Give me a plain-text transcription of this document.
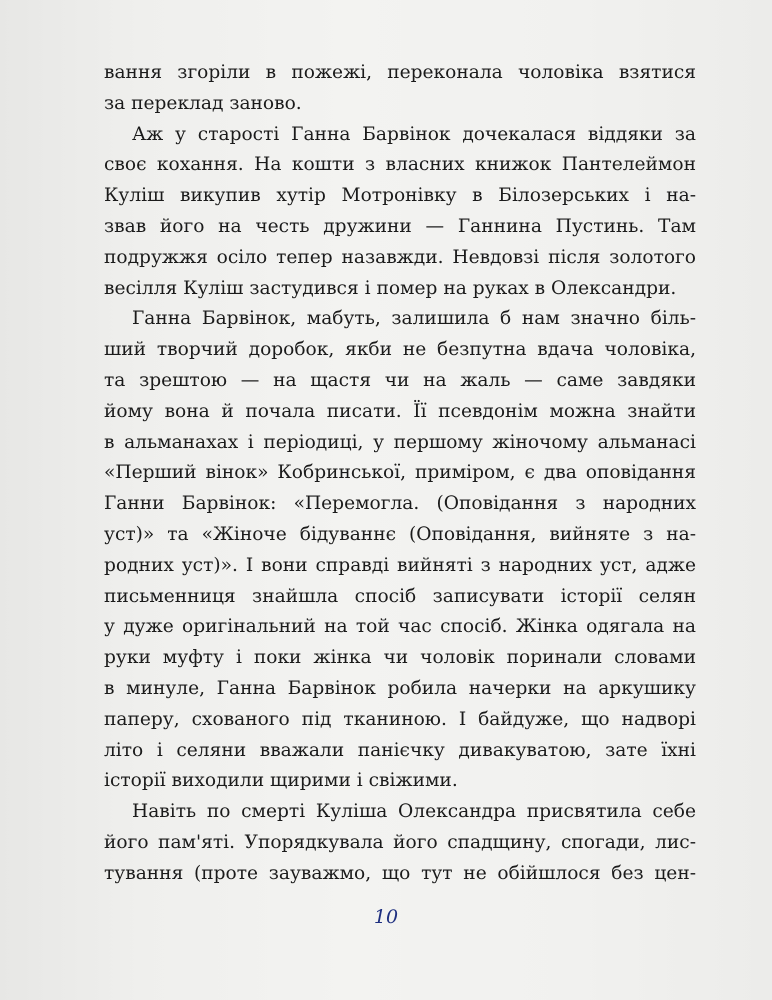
вання згоріли в пожежі, переконала чоловіка взятися
за переклад заново.
Аж у старості Ганна Барвінок дочекалася віддяки за
своє кохання. На кошти з власних книжок Пантелеймон
Куліш викупив хутір Мотронівку в Білозерських і на-
звав його на честь дружини — Ганнина Пустинь. Там
подружжя осіло тепер назавжди. Невдовзі після золотого
весілля Куліш застудився і помер на руках в Олександри.
Ганна Барвінок, мабуть, залишила б нам значно біль-
ший творчий доробок, якби не безпутна вдача чоловіка,
та зрештою — на щастя чи на жаль — саме завдяки
йому вона й почала писати. Її псевдонім можна знайти
в альманахах і періодиці, у першому жіночому альманасі
«Перший вінок» Кобринської, приміром, є два оповідання
Ганни Барвінок: «Перемогла. (Оповідання з народних
уст)» та «Жіноче бідуваннє (Оповідання, вийняте з на-
родних уст)». І вони справді вийняті з народних уст, адже
письменниця знайшла спосіб записувати історії селян
у дуже оригінальний на той час спосіб. Жінка одягала на
руки муфту і поки жінка чи чоловік поринали словами
в минуле, Ганна Барвінок робила начерки на аркушику
паперу, схованого під тканиною. І байдуже, що надворі
літо і селяни вважали панієчку дивакуватою, зате їхні
історії виходили щирими і свіжими.
Навіть по смерті Куліша Олександра присвятила себе
його пам'яті. Упорядкувала його спадщину, спогади, лис-
тування (проте зауважмо, що тут не обійшлося без цен-
10
